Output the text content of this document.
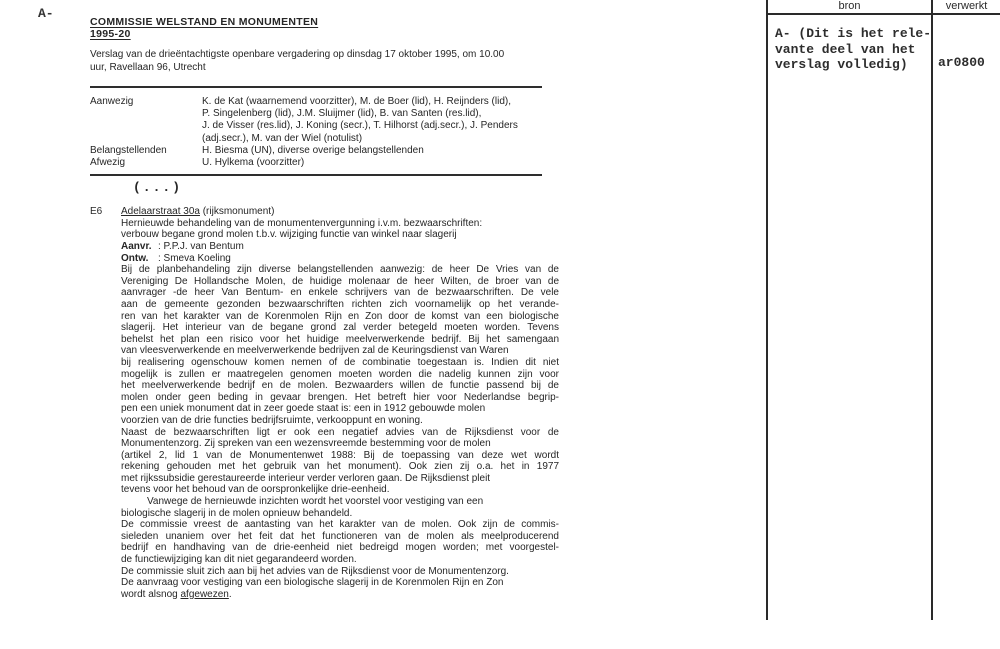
A-
COMMISSIE WELSTAND EN MONUMENTEN
1995-20
Verslag van de drieëntachtigste openbare vergadering op dinsdag 17 oktober 1995, om 10.00
uur, Ravellaan 96, Utrecht
Aanwezig	K. de Kat (waarnemend voorzitter), M. de Boer (lid), H. Reijnders (lid),

P. Singelenberg (lid), J.M. Sluijmer (lid), B. van Santen (res.lid),

J. de Visser (res.lid), J. Koning (secr.), T. Hilhorst (adj.secr.), J. Penders

(adj.secr.), M. van der Wiel (notulist)
Belangstellenden	H. Biesma (UN), diverse overige belangstellenden
Afwezig	U. Hylkema (voorzitter)
(...)
E6	Adelaarstraat 30a (rijksmonument)
Hernieuwde behandeling van de monumentenvergunning i.v.m. bezwaarschriften:
verbouw begane grond molen t.b.v. wijziging functie van winkel naar slagerij
Aanvr. : P.P.J. van Bentum
Ontw. : Smeva Koeling
Bij de planbehandeling zijn diverse belangstellenden aanwezig: de heer De Vries van de
Vereniging De Hollandsche Molen, de huidige molenaar de heer Wilten, de broer van de
aanvrager -de heer Van Bentum- en enkele schrijvers van de bezwaarschriften. De vele
aan de gemeente gezonden bezwaarschriften richten zich voornamelijk op het verande-
ren van het karakter van de Korenmolen Rijn en Zon door de komst van een biologische
slagerij. Het interieur van de begane grond zal verder betegeld moeten worden. Tevens
behelst het plan een risico voor het huidige meelverwerkende bedrijf. Bij het samengaan
van vleesverwerkende en meelverwerkende bedrijven zal de Keuringsdienst van Waren
bij realisering ogenschouw komen nemen of de combinatie toegestaan is. Indien dit niet
mogelijk is zullen er maatregelen genomen moeten worden die nadelig kunnen zijn voor
het meelverwerkende bedrijf en de molen. Bezwaarders willen de functie passend bij de
molen onder geen beding in gevaar brengen. Het betreft hier voor Nederlandse begrip-
pen een uniek monument dat in zeer goede staat is: een in 1912 gebouwde molen
voorzien van de drie functies bedrijfsruimte, verkooppunt en woning.
Naast de bezwaarschriften ligt er ook een negatief advies van de Rijksdienst voor de
Monumentenzorg. Zij spreken van een wezensvreemde bestemming voor de molen
(artikel 2, lid 1 van de Monumentenwet 1988: Bij de toepassing van deze wet wordt
rekening gehouden met het gebruik van het monument). Ook zien zij o.a. het in 1977
met rijkssubsidie gerestaureerde interieur verder verloren gaan. De Rijksdienst pleit
tevens voor het behoud van de oorspronkelijke drie-eenheid.
Vanwege de hernieuwde inzichten wordt het voorstel voor vestiging van een
biologische slagerij in de molen opnieuw behandeld.
De commissie vreest de aantasting van het karakter van de molen. Ook zijn de commis-
sieleden unaniem over het feit dat het functioneren van de molen als meelproducerend
bedrijf en handhaving van de drie-eenheid niet bedreigd mogen worden; met voorgestel-
de functiewijziging kan dit niet gegarandeerd worden.
De commissie sluit zich aan bij het advies van de Rijksdienst voor de Monumentenzorg.
De aanvraag voor vestiging van een biologische slagerij in de Korenmolen Rijn en Zon
wordt alsnog afgewezen.
bron	verwerkt
A- (Dit is het rele-
vante deel van het
verslag volledig)	ar0800
